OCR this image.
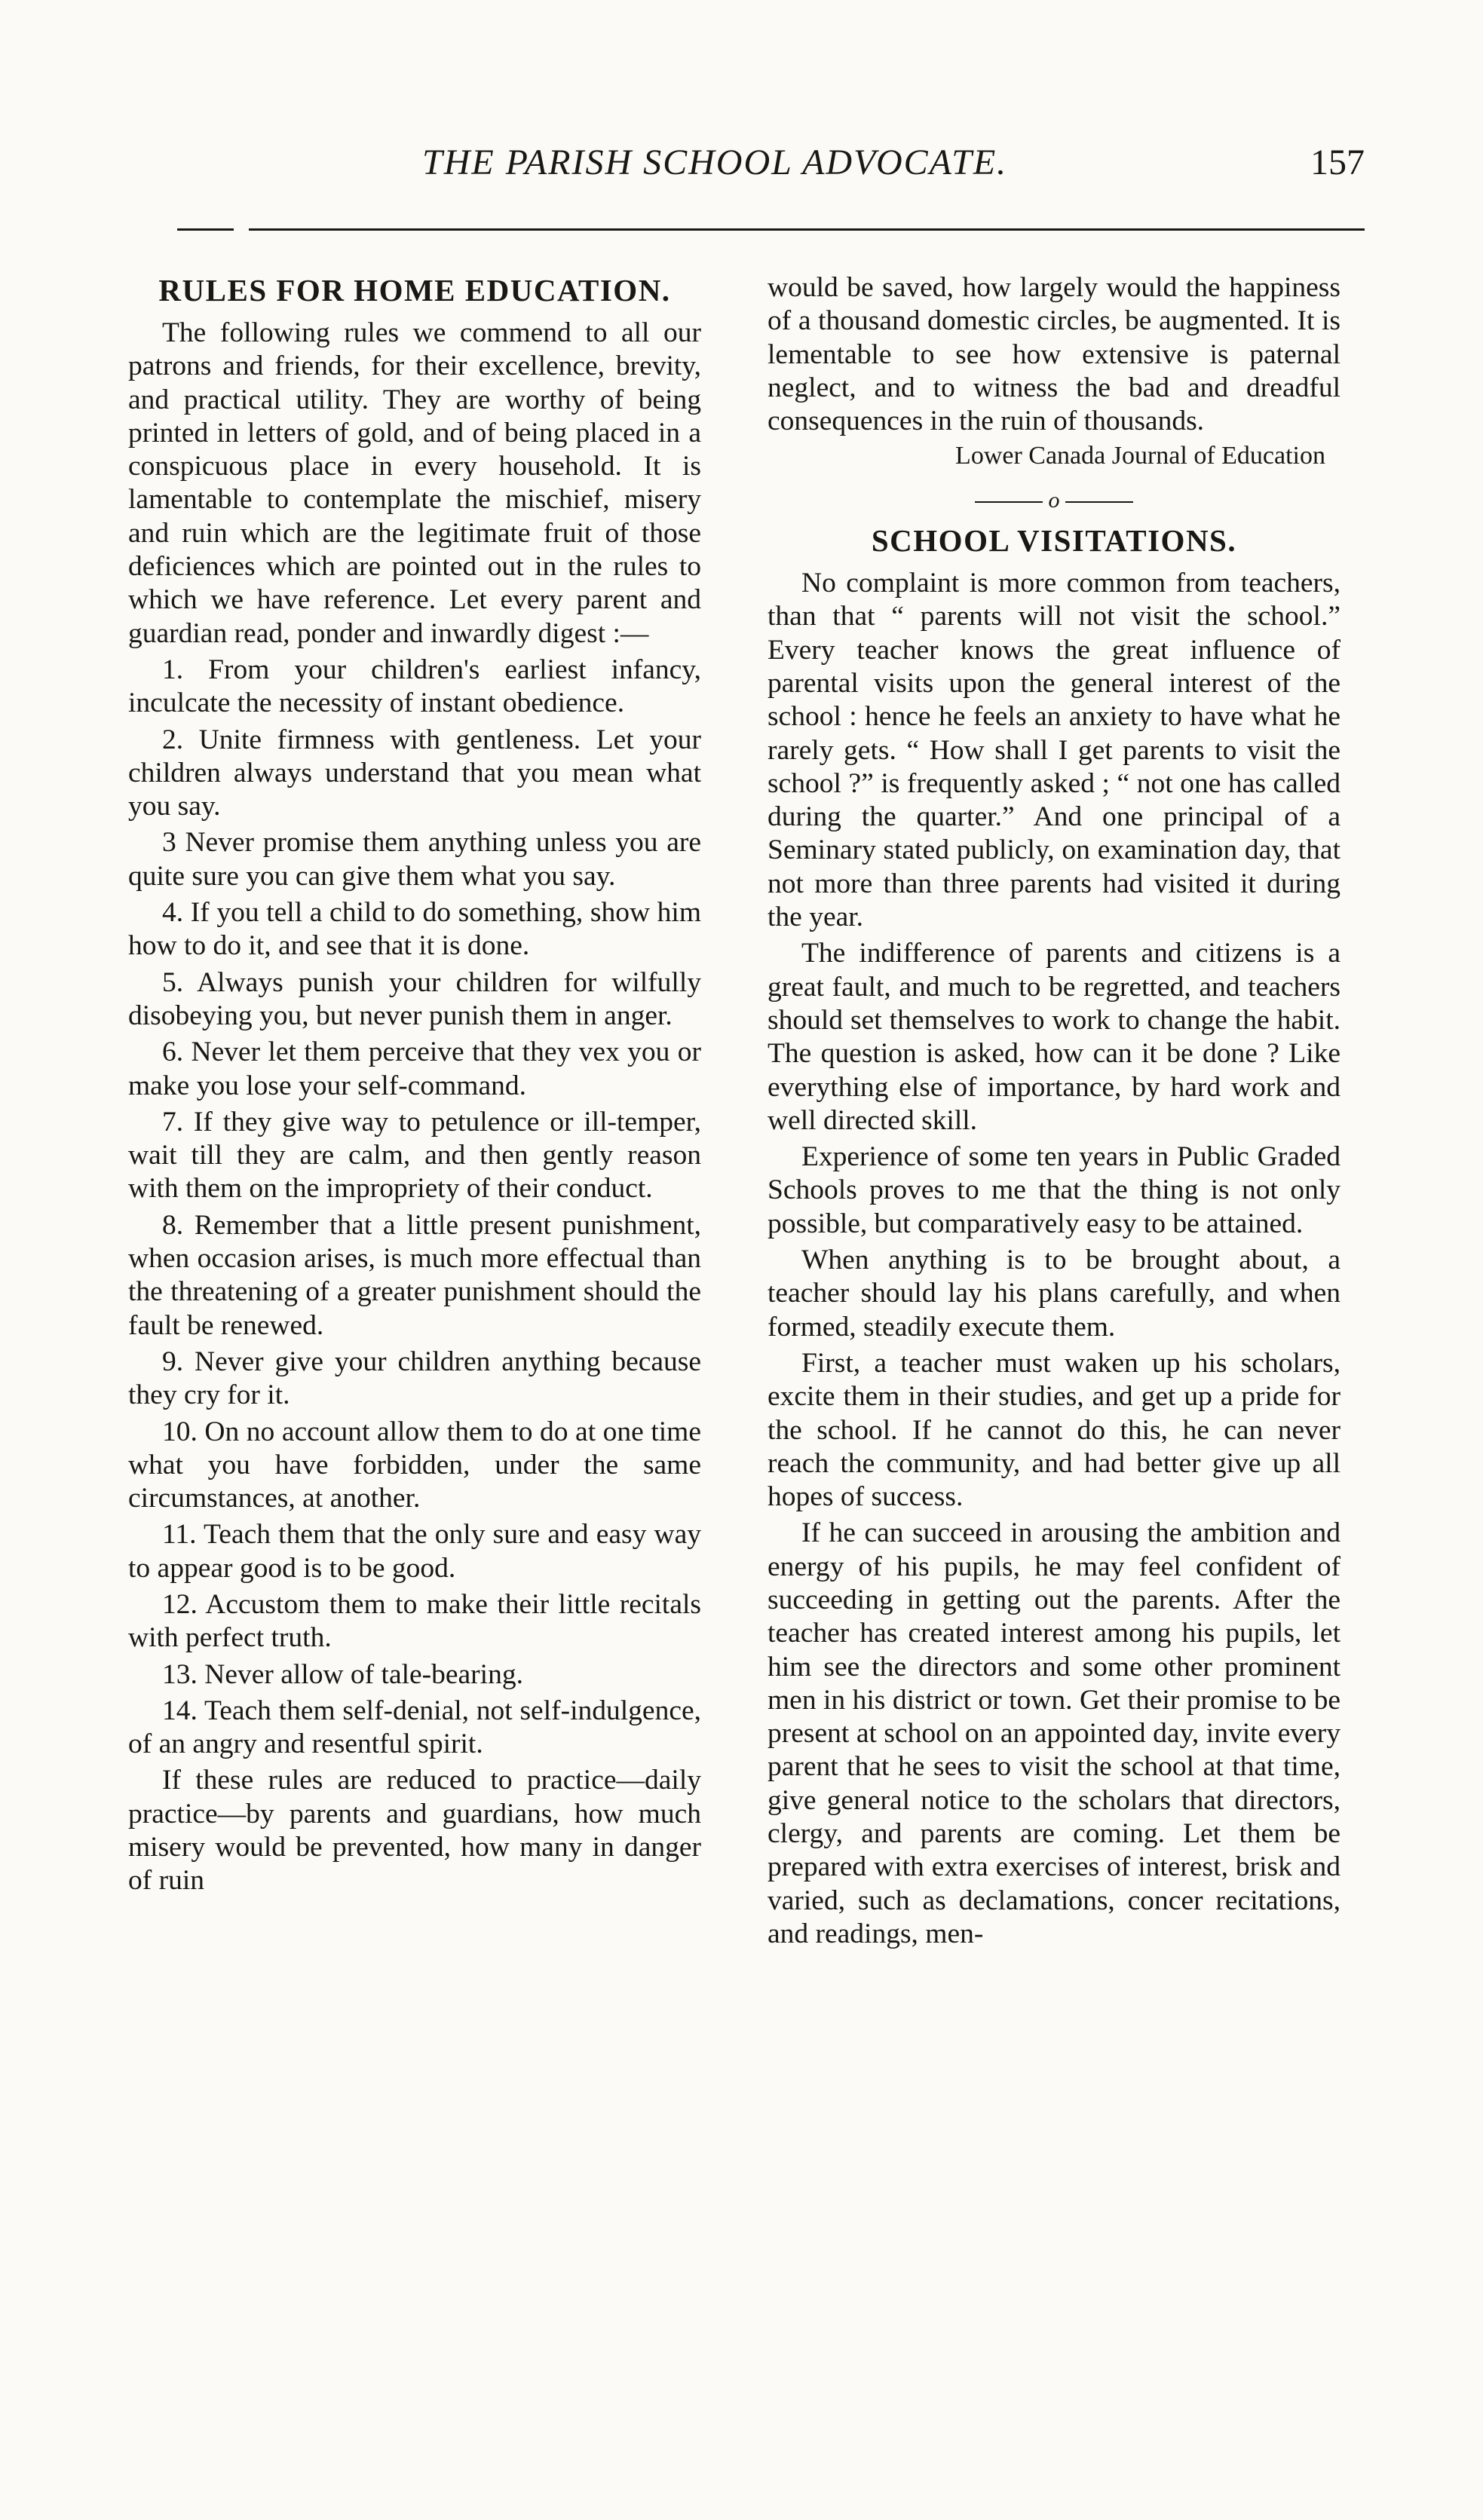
THE PARISH SCHOOL ADVOCATE.	157
RULES FOR HOME EDUCATION.

The following rules we commend to all our patrons and friends, for their excellence, brevity, and practical utility. They are worthy of being printed in letters of gold, and of being placed in a conspicuous place in every household. It is lamentable to contemplate the mischief, misery and ruin which are the legitimate fruit of those deficiences which are pointed out in the rules to which we have reference. Let every parent and guardian read, ponder and inwardly digest :—

1. From your children's earliest infancy, inculcate the necessity of instant obedience.

2. Unite firmness with gentleness. Let your children always understand that you mean what you say.

3 Never promise them anything unless you are quite sure you can give them what you say.

4. If you tell a child to do something, show him how to do it, and see that it is done.

5. Always punish your children for wilfully disobeying you, but never punish them in anger.

6. Never let them perceive that they vex you or make you lose your self-command.

7. If they give way to petulence or ill-temper, wait till they are calm, and then gently reason with them on the impropriety of their conduct.

8. Remember that a little present punishment, when occasion arises, is much more effectual than the threatening of a greater punishment should the fault be renewed.

9. Never give your children anything because they cry for it.

10. On no account allow them to do at one time what you have forbidden, under the same circumstances, at another.

11. Teach them that the only sure and easy way to appear good is to be good.

12. Accustom them to make their little recitals with perfect truth.

13. Never allow of tale-bearing.

14. Teach them self-denial, not self-indulgence, of an angry and resentful spirit.

If these rules are reduced to practice—daily practice—by parents and guardians, how much misery would be prevented, how many in danger of ruin

would be saved, how largely would the happiness of a thousand domestic circles, be augmented. It is lementable to see how extensive is paternal neglect, and to witness the bad and dreadful consequences in the ruin of thousands.

Lower Canada Journal of Education
o
SCHOOL VISITATIONS.

No complaint is more common from teachers, than that “ parents will not visit the school.” Every teacher knows the great influence of parental visits upon the general interest of the school : hence he feels an anxiety to have what he rarely gets. “ How shall I get parents to visit the school ?” is frequently asked ; “ not one has called during the quarter.” And one principal of a Seminary stated publicly, on examination day, that not more than three parents had visited it during the year.

The indifference of parents and citizens is a great fault, and much to be regretted, and teachers should set themselves to work to change the habit. The question is asked, how can it be done ? Like everything else of importance, by hard work and well directed skill.

Experience of some ten years in Public Graded Schools proves to me that the thing is not only possible, but comparatively easy to be attained.

When anything is to be brought about, a teacher should lay his plans carefully, and when formed, steadily execute them.

First, a teacher must waken up his scholars, excite them in their studies, and get up a pride for the school. If he cannot do this, he can never reach the community, and had better give up all hopes of success.

If he can succeed in arousing the ambition and energy of his pupils, he may feel confident of succeeding in getting out the parents. After the teacher has created interest among his pupils, let him see the directors and some other prominent men in his district or town. Get their promise to be present at school on an appointed day, invite every parent that he sees to visit the school at that time, give general notice to the scholars that directors, clergy, and parents are coming. Let them be prepared with extra exercises of interest, brisk and varied, such as declamations, concer recitations, and readings, men-
